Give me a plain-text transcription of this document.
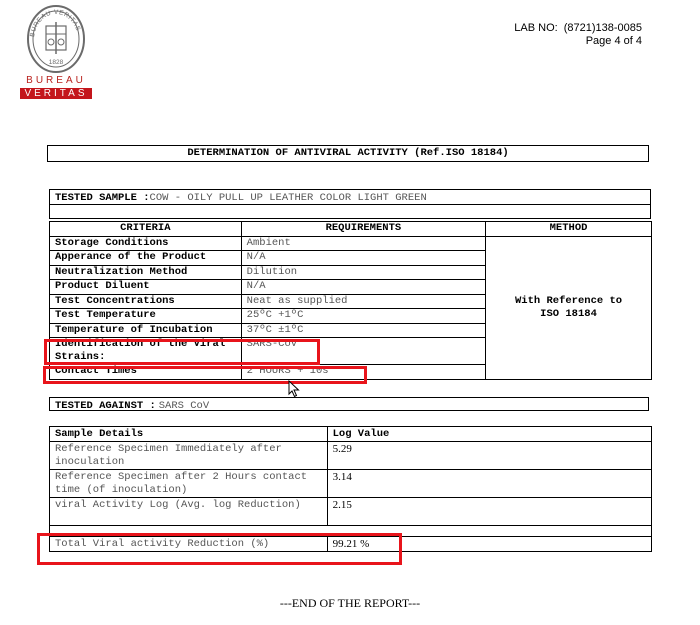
BUREAU VERITAS
1828
BUREAU
VERITAS
LAB NO: (8721)138-0085
Page 4 of 4
DETERMINATION OF ANTIVIRAL ACTIVITY (Ref.ISO 18184)
TESTED SAMPLE :COW - OILY PULL UP LEATHER COLOR LIGHT GREEN
CRITERIA	REQUIREMENTS	METHOD
Storage Conditions	Ambient	With Reference to ISO 18184

Apperance of the Product	N/A	
Neutralization Method	Dilution	
Product Diluent	N/A	
Test Concentrations	Neat as supplied	
Test Temperature	25ºC +1ºC	
Temperature of Incubation	37ºC ±1ºC	
Identification of the Viral Strains:	SARS-CoV	
Contact Times	2 HOURS + 10s	
TESTED AGAINST : SARS CoV
Sample Details	Log Value
Reference Specimen Immediately after inoculation	5.29
Reference Specimen after 2 Hours contact time (of inoculation)	3.14
viral Activity Log (Avg. log Reduction)	2.15

Total Viral activity Reduction (%)	99.21 %
---END OF THE REPORT---
